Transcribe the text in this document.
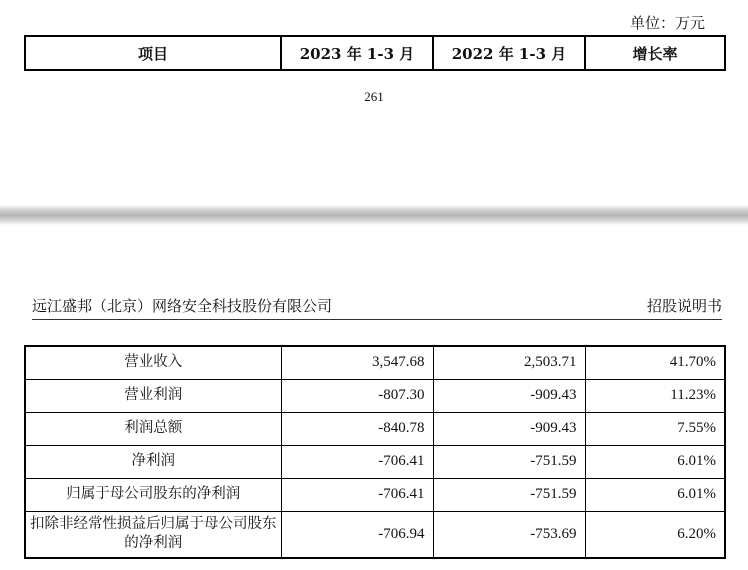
单位：万元
项目	2023 年 1-3 月	2022 年 1-3 月	增长率
261
远江盛邦（北京）网络安全科技股份有限公司	招股说明书
营业收入	3,547.68	2,503.71	41.70%
营业利润	-807.30	-909.43	11.23%
利润总额	-840.78	-909.43	7.55%
净利润	-706.41	-751.59	6.01%
归属于母公司股东的净利润	-706.41	-751.59	6.01%
扣除非经常性损益后归属于母公司股东的净利润	-706.94	-753.69	6.20%
